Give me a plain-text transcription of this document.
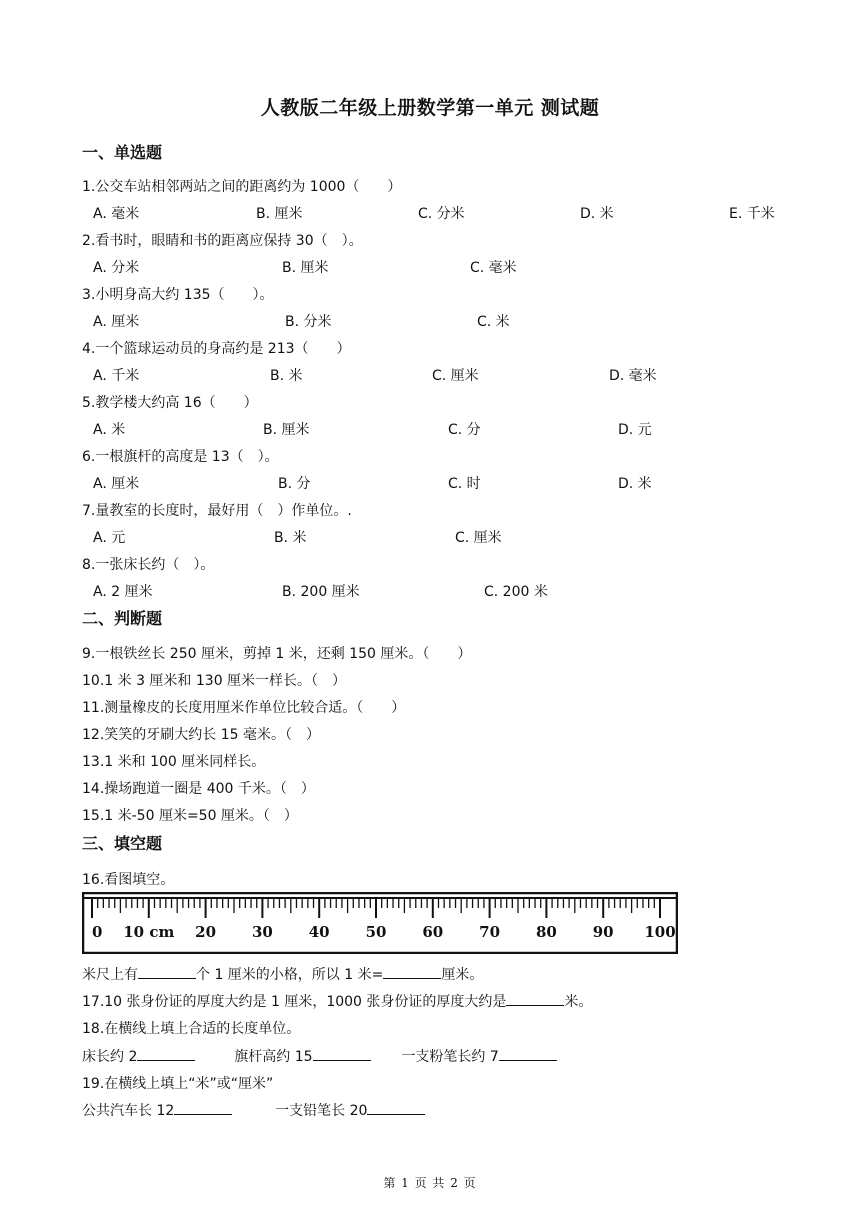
人教版二年级上册数学第一单元 测试题
一、单选题
1.公交车站相邻两站之间的距离约为 1000（　　）
A. 毫米	B. 厘米	C. 分米	D. 米	E. 千米
2.看书时，眼睛和书的距离应保持 30（　）。
A. 分米	B. 厘米	C. 毫米
3.小明身高大约 135（　　）。
A. 厘米	B. 分米	C. 米
4.一个篮球运动员的身高约是 213（　　）
A. 千米	B. 米	C. 厘米	D. 毫米
5.教学楼大约高 16（　　）
A. 米	B. 厘米	C. 分	D. 元
6.一根旗杆的高度是 13（　）。
A. 厘米	B. 分	C. 时	D. 米
7.量教室的长度时，最好用（　）作单位。.
A. 元	B. 米	C. 厘米
8.一张床长约（　）。
A. 2 厘米	B. 200 厘米	C. 200 米
二、判断题
9.一根铁丝长 250 厘米，剪掉 1 米，还剩 150 厘米。（　　）
10.1 米 3 厘米和 130 厘米一样长。（　）
11.测量橡皮的长度用厘米作单位比较合适。（　　）
12.笑笑的牙刷大约长 15 毫米。（　）
13.1 米和 100 厘米同样长。
14.操场跑道一圈是 400 千米。（　）
15.1 米-50 厘米=50 厘米。（　）
三、填空题
16.看图填空。
0 10 cm 20 30 40 50 60 70 80 90 100
米尺上有	个 1 厘米的小格，所以 1 米=	厘米。
17.10 张身份证的厚度大约是 1 厘米，1000 张身份证的厚度大约是	米。
18.在横线上填上合适的长度单位。
床长约 2	旗杆高约 15	一支粉笔长约 7
19.在横线上填上“米”或“厘米”
公共汽车长 12	一支铅笔长 20
第 1 页 共 2 页
